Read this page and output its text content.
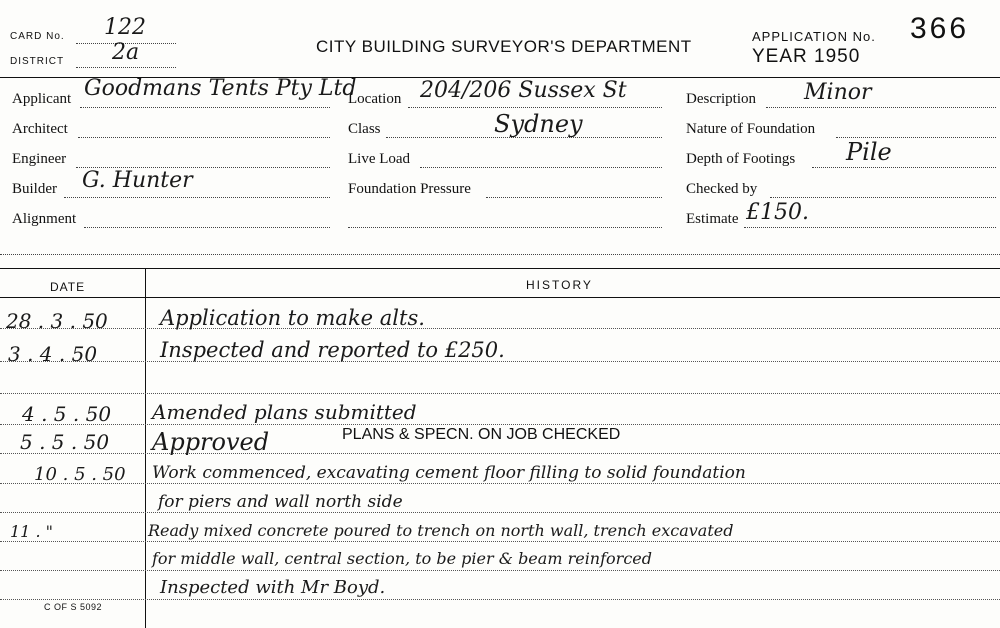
CARD No. 122
DISTRICT 2a	CITY BUILDING SURVEYOR'S DEPARTMENT
APPLICATION No. 366
YEAR 1950
Applicant Goodmans Tents Pty Ltd
Architect
Engineer
Builder G. Hunter
Alignment
Location 204/206 Sussex St
Class	Sydney
Live Load
Foundation Pressure
Description Minor
Nature of Foundation
Depth of Footings Pile
Checked by
Estimate £150.
DATE	HISTORY
28 . 3 . 50 Application to make alts.
3 . 4 . 50	Inspected and reported to £250.
4 . 5 . 50 Amended plans submitted
5 . 5 . 50 Approved	PLANS & SPECN. ON JOB CHECKED
10 . 5 . 50 Work commenced, excavating cement floor filling to solid foundation
for piers and wall north side
11 . "	Ready mixed concrete poured to trench on north wall, trench excavated
for middle wall, central section, to be pier & beam reinforced
Inspected with Mr Boyd.
C OF S 5092
